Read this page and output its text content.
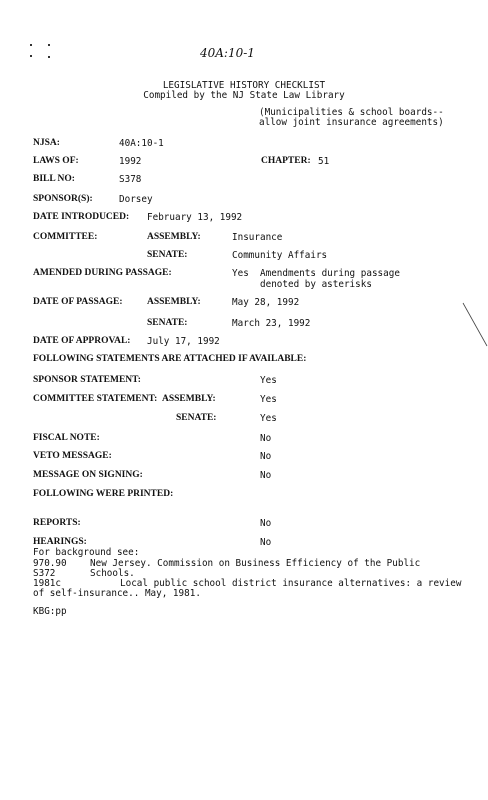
40A:10-1
LEGISLATIVE HISTORY CHECKLIST
Compiled by the NJ State Law Library
(Municipalities & school boards--
allow joint insurance agreements)
NJSA:	40A:10-1
LAWS OF:	1992	CHAPTER: 51
BILL NO:	S378
SPONSOR(S):	Dorsey
DATE INTRODUCED: February 13, 1992
COMMITTEE:	ASSEMBLY:	Insurance
SENATE:	Community Affairs
AMENDED DURING PASSAGE:	Yes Amendments during passage
denoted by asterisks
DATE OF PASSAGE:	ASSEMBLY:	May 28, 1992
SENATE:	March 23, 1992
DATE OF APPROVAL: July 17, 1992
FOLLOWING STATEMENTS ARE ATTACHED IF AVAILABLE:
SPONSOR STATEMENT:	Yes
COMMITTEE STATEMENT: ASSEMBLY:	Yes
SENATE:	Yes
FISCAL NOTE:	No
VETO MESSAGE:	No
MESSAGE ON SIGNING:	No
FOLLOWING WERE PRINTED:
REPORTS:	No
HEARINGS:	No
For background see:
970.90	New Jersey. Commission on Business Efficiency of the Public
S372	Schools.
1981c	Local public school district insurance alternatives: a review
of self-insurance.. May, 1981.
KBG:pp
